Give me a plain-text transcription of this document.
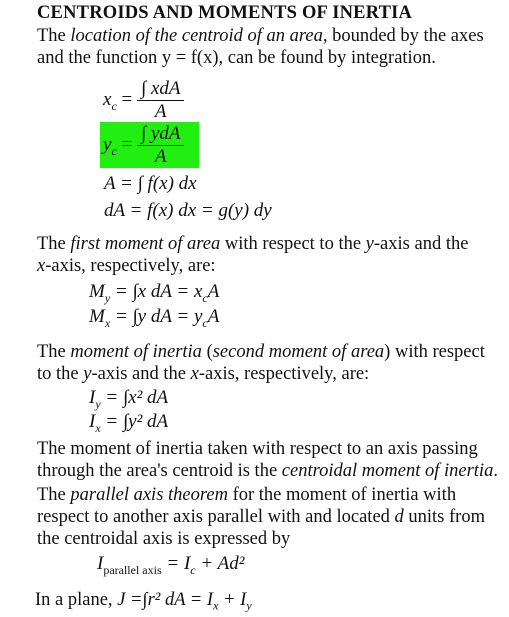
CENTROIDS AND MOMENTS OF INERTIA
The location of the centroid of an area, bounded by the axes
and the function y = f(x), can be found by integration.
$x_c = \frac{\text{∫ xdA}}{A}$
$y_c = \frac{\text{∫ ydA}}{A}$
A = ∫ f(x) dx
dA = f(x) dx = g(y) dy
The first moment of area with respect to the y-axis and the
x-axis, respectively, are:
$M_y = \int x$ dA = $x_cA$
$M_x = \int y$ dA = $y_cA$
The moment of inertia (second moment of area) with respect
to the y-axis and the x-axis, respectively, are:
$I_y = \int x^2$ dA
$I_x = \int y^2$ dA
The moment of inertia taken with respect to an axis passing
through the area's centroid is the centroidal moment of inertia.
The parallel axis theorem for the moment of inertia with
respect to another axis parallel with and located d units from
the centroidal axis is expressed by
$I_{parallel axis} = I_c + Ad^2$
In a plane, J =∫r² dA = $I_x + I_y$
